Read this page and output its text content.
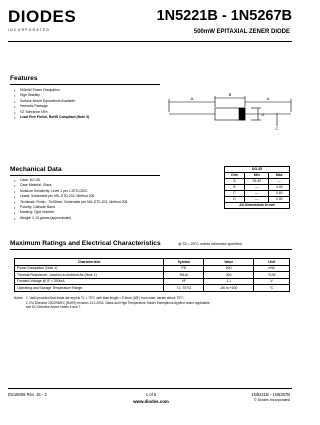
DIODES
INCORPORATED
1N5221B - 1N5267B
500mW EPITAXIAL ZENER DIODE
Features
• 500mW Power Dissipation
• High Stability
• Surface Mount Equivalents Available
• Hermetic Package
• VZ Tolerance ±5%
• Lead Free Finish, RoHS Compliant (Note 3)
A
B
A
C
D
Mechanical Data
• Case: DO-35
• Case Material: Glass
• Moisture Sensitivity: Level 1 per J-STD-020C
• Leads: Solderable per MIL-STD-202, Method 208
• Terminals: Finish - Tin/Silver. Solderable per MIL-STD-202, Method 208
• Polarity: Cathode Band
• Marking: Type Number
• Weight: 0.13 grams (approximate)
DO-35		
Dim	Min	Max
A	25.40	—
B	—	4.00
C	—	0.60
D	—	2.00
All Dimensions in mm		
Maximum Ratings and Electrical Characteristics	@ TA = 25°C unless otherwise specified
Characteristic	Symbol	Value	Unit
Power Dissipation (Note 1)	PD	500	mW
Thermal Resistance, Junction to Ambient Air (Note 1)	RθJA	300	°C/W
Forward Voltage @ IF = 200mA	VF	1.1	V
Operating and Storage Temperature Range	TJ, TSTG	-65 to +200	°C
Notes: 1. Valid provided that leads are kept at TL = 75°C with lead length = 9.5mm (3/8") from case; derate above 75°C.
2. EU Directive 2002/95/EC (RoHS) revision 13.2.2003. Glass and High Temperature Solder Exemptions Applied where applicable,
see EU Directive Annex Notes 5 and 7.
DS18006 Rev. 15 - 2	1 of 5
www.diodes.com
1N5221B - 1N5267B
© Diodes Incorporated
